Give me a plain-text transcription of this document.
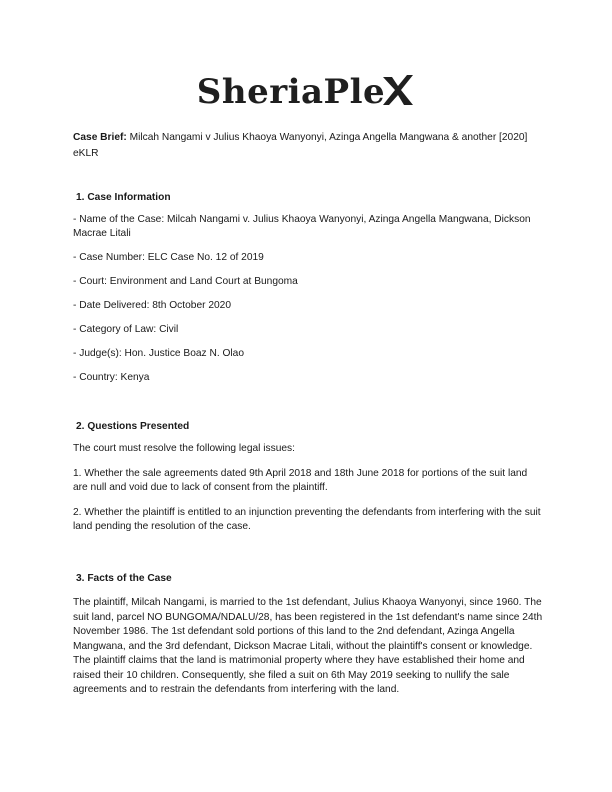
SheriaPle
Case Brief: Milcah Nangami v Julius Khaoya Wanyonyi, Azinga Angella Mangwana & another [2020] eKLR

1. Case Information

- Name of the Case: Milcah Nangami v. Julius Khaoya Wanyonyi, Azinga Angella Mangwana, Dickson Macrae Litali

- Case Number: ELC Case No. 12 of 2019

- Court: Environment and Land Court at Bungoma

- Date Delivered: 8th October 2020

- Category of Law: Civil

- Judge(s): Hon. Justice Boaz N. Olao

- Country: Kenya

2. Questions Presented

The court must resolve the following legal issues:

1. Whether the sale agreements dated 9th April 2018 and 18th June 2018 for portions of the suit land are null and void due to lack of consent from the plaintiff.

2. Whether the plaintiff is entitled to an injunction preventing the defendants from interfering with the suit land pending the resolution of the case.

3. Facts of the Case

The plaintiff, Milcah Nangami, is married to the 1st defendant, Julius Khaoya Wanyonyi, since 1960. The suit land, parcel NO BUNGOMA/NDALU/28, has been registered in the 1st defendant's name since 24th November 1986. The 1st defendant sold portions of this land to the 2nd defendant, Azinga Angella Mangwana, and the 3rd defendant, Dickson Macrae Litali, without the plaintiff's consent or knowledge. The plaintiff claims that the land is matrimonial property where they have established their home and raised their 10 children. Consequently, she filed a suit on 6th May 2019 seeking to nullify the sale agreements and to restrain the defendants from interfering with the land.
